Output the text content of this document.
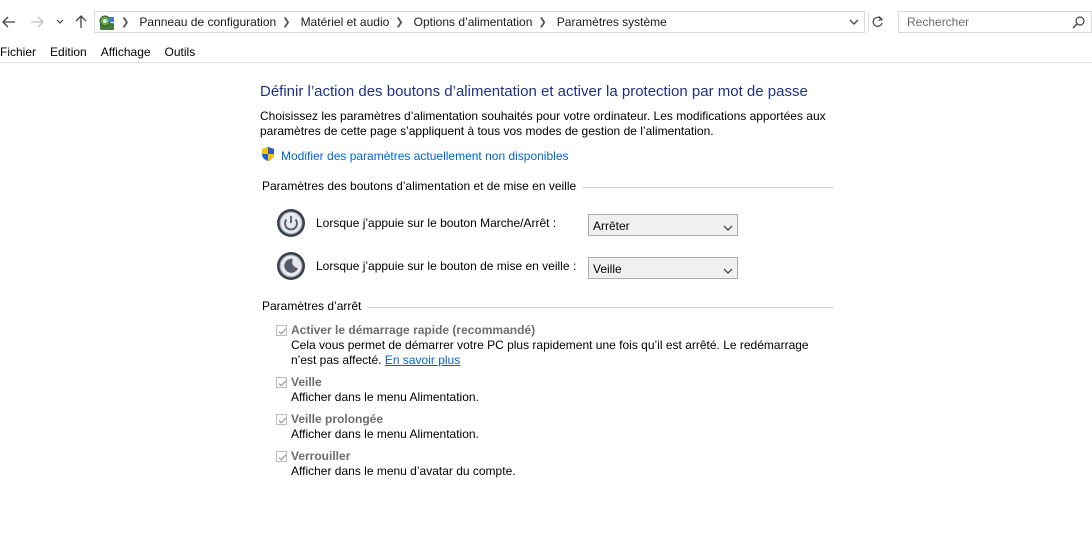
❯ Panneau de configuration ❯ Matériel et audio ❯ Options d’alimentation ❯ Paramètres système	Rechercher
Fichier	Edition	Affichage	Outils
Définir l’action des boutons d’alimentation et activer la protection par mot de passe
Choisissez les paramètres d’alimentation souhaités pour votre ordinateur. Les modifications apportées aux paramètres de cette page s’appliquent à tous vos modes de gestion de l’alimentation.
Modifier des paramètres actuellement non disponibles
Paramètres des boutons d’alimentation et de mise en veille
Lorsque j’appuie sur le bouton Marche/Arrêt :	Arrêter
Lorsque j’appuie sur le bouton de mise en veille : Veille
Paramètres d’arrêt
Activer le démarrage rapide (recommandé)
Cela vous permet de démarrer votre PC plus rapidement une fois qu’il est arrêté. Le redémarrage n’est pas affecté. En savoir plus
Veille
Afficher dans le menu Alimentation.
Veille prolongée
Afficher dans le menu Alimentation.
Verrouiller
Afficher dans le menu d’avatar du compte.
